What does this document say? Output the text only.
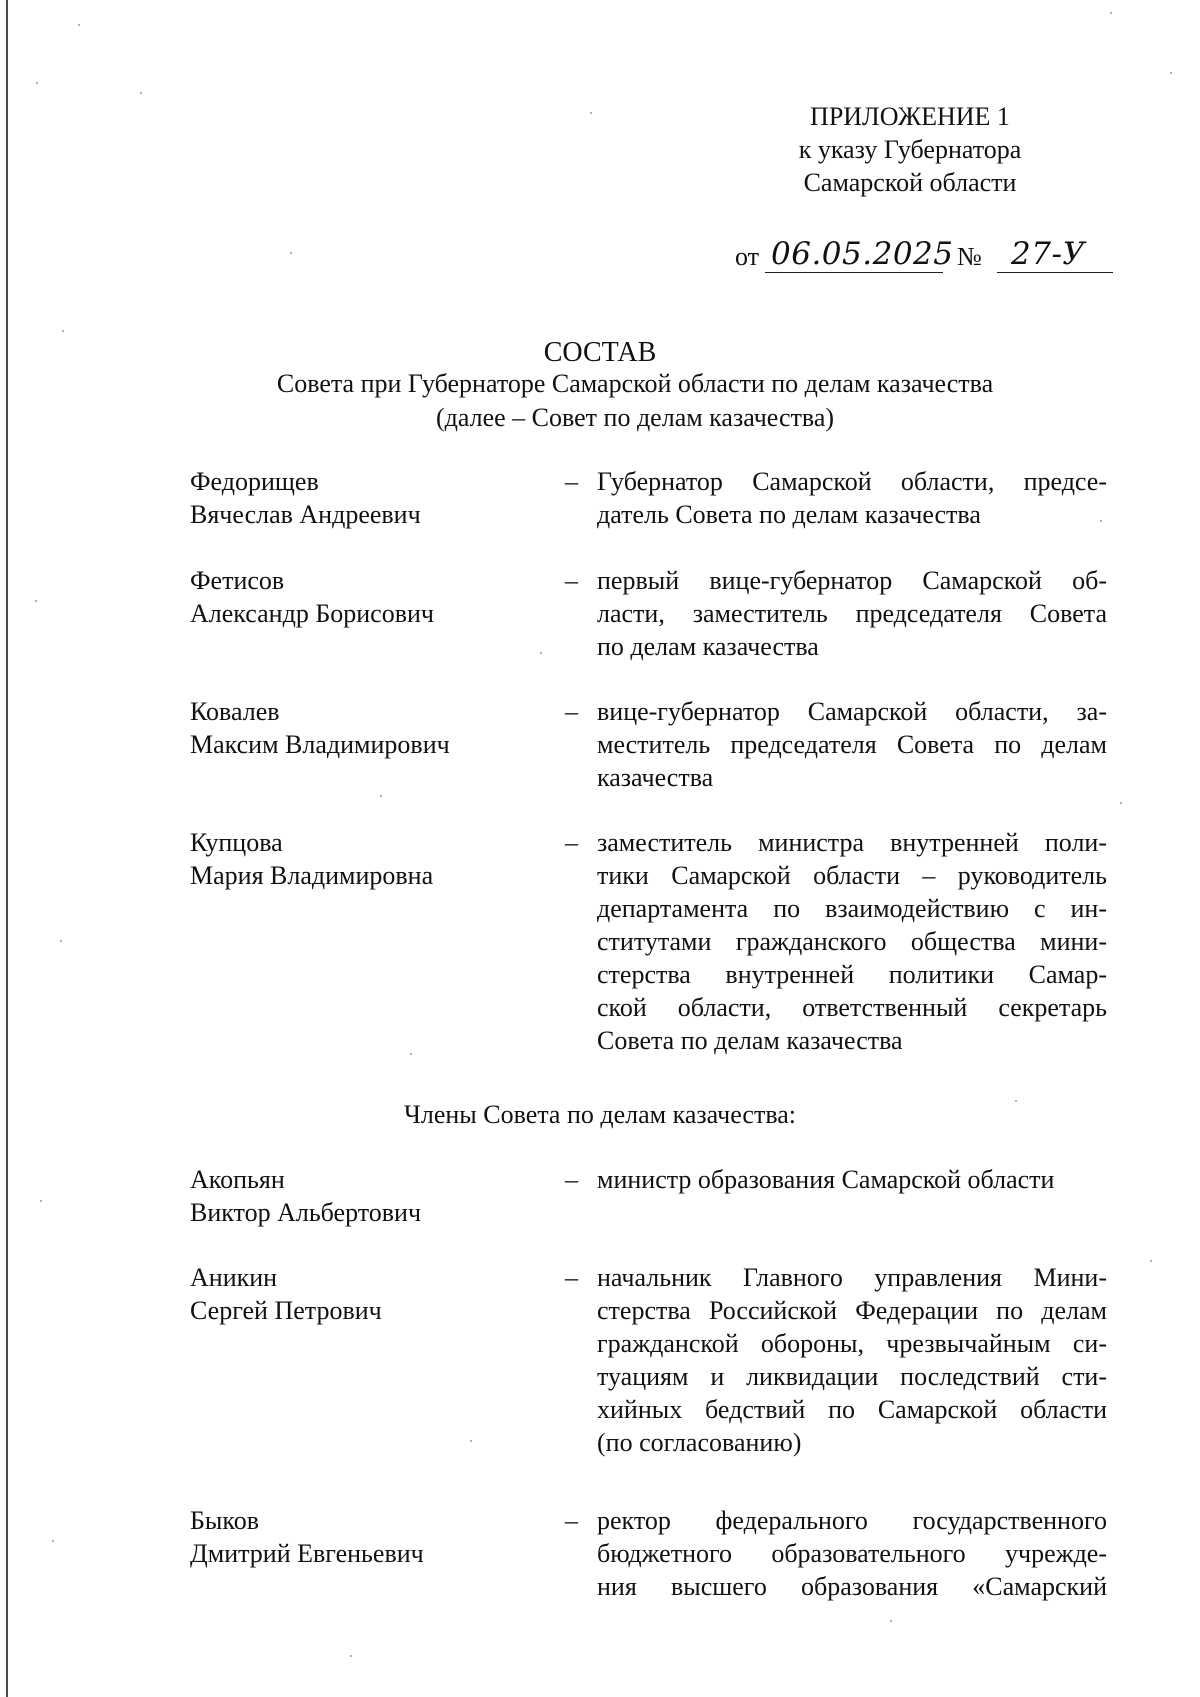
ПРИЛОЖЕНИЕ 1
к указу Губернатора
Самарской области
от 06.05.2025 № 27-У
СОСТАВ
Совета при Губернаторе Самарской области по делам казачества
(далее – Совет по делам казачества)
Федорищев
Вячеслав Андреевич
– Губернатор Самарской области, предсе-
датель Совета по делам казачества
Фетисов
Александр Борисович
– первый вице-губернатор Самарской об-
ласти, заместитель председателя Совета
по делам казачества
Ковалев
Максим Владимирович
– вице-губернатор Самарской области, за-
меститель председателя Совета по делам
казачества
Купцова
Мария Владимировна
– заместитель министра внутренней поли-
тики Самарской области – руководитель
департамента по взаимодействию с ин-
ститутами гражданского общества мини-
стерства внутренней политики Самар-
ской области, ответственный секретарь
Совета по делам казачества
Члены Совета по делам казачества:
Акопьян
Виктор Альбертович
– министр образования Самарской области
Аникин
Сергей Петрович
– начальник Главного управления Мини-
стерства Российской Федерации по делам
гражданской обороны, чрезвычайным си-
туациям и ликвидации последствий сти-
хийных бедствий по Самарской области
(по согласованию)
Быков
Дмитрий Евгеньевич
– ректор федерального государственного
бюджетного образовательного учрежде-
ния высшего образования «Самарский
